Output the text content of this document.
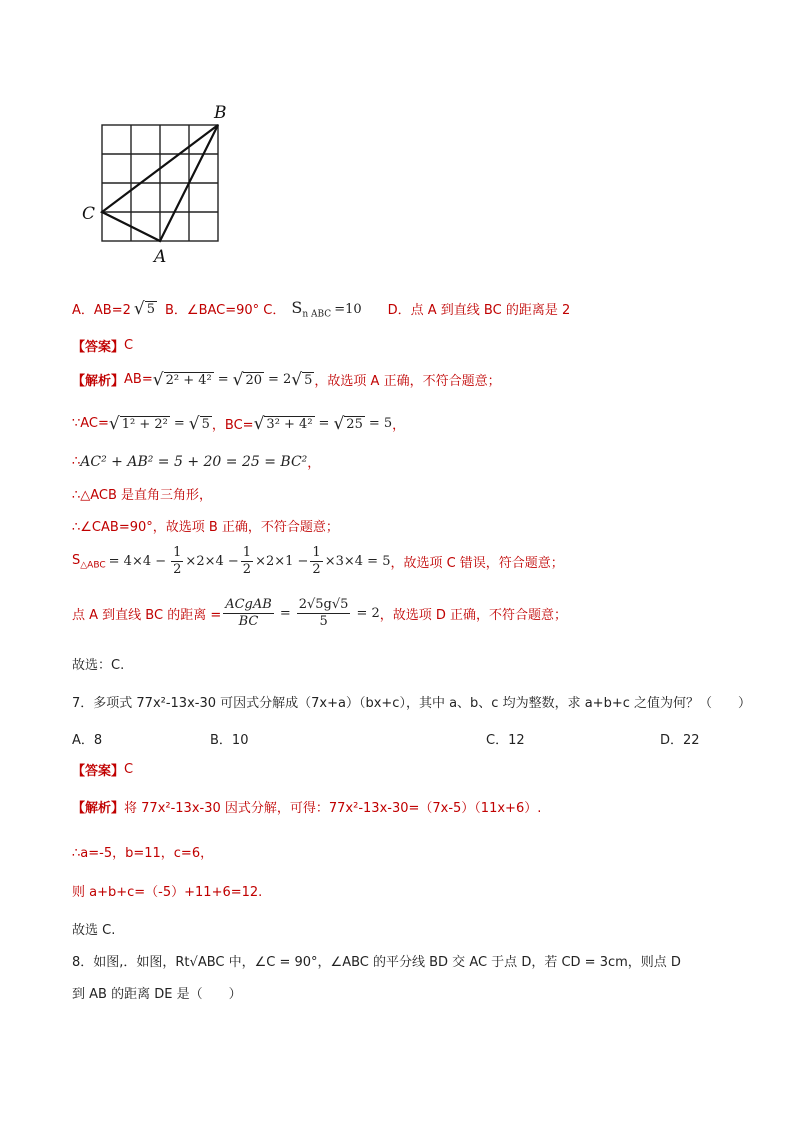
B
C
A
A．AB=2 √ 5 B．∠BAC=90° C． $S_{n ABC} =10$ D．点 A 到直线 BC 的距离是 2
【答案】 C
【解析】 AB= √ 2² + 4² = √ 20 = 2 √ 5 ，故选项 A 正确，不符合题意；
∵AC= √ 1² + 2² = √ 5 ，BC= √ 3² + 4² = √ 25 = 5 ，
∴ AC² + AB² = 5 + 20 = 25 = BC² ，
∴△ACB 是直角三角形，
∴∠CAB=90°，故选项 B 正确，不符合题意；
$S_{\triangle ABC} = 4\times 4 - \frac{1}{2} \times 2\times 4 - \frac{1}{2} \times 2\times 1 - \frac{1}{2} \times 3\times 4 = 5$ ，故选项 C 错误，符合题意；
点 A 到直线 BC 的距离 = $\frac{\text{ACgAB}}{BC} = \frac{2√5g√5}{5} = 2$ ，故选项 D 正确，不符合题意；
故选：C.
7．多项式 77x²-13x-30 可因式分解成（7x+a）（bx+c），其中 a、b、c 均为整数，求 a+b+c 之值为何？（　　）
A．8	B．10	C．12	D．22
【答案】 C
【解析】 将 77x²-13x-30 因式分解，可得：77x²-13x-30=（7x-5）（11x+6）.
∴a=-5，b=11，c=6，
则 a+b+c=（-5）+11+6=12.
故选 C.
8．如图,．如图，Rt√ABC 中，∠C = 90°，∠ABC 的平分线 BD 交 AC 于点 D，若 CD = 3cm，则点 D
到 AB 的距离 DE 是（　　）
